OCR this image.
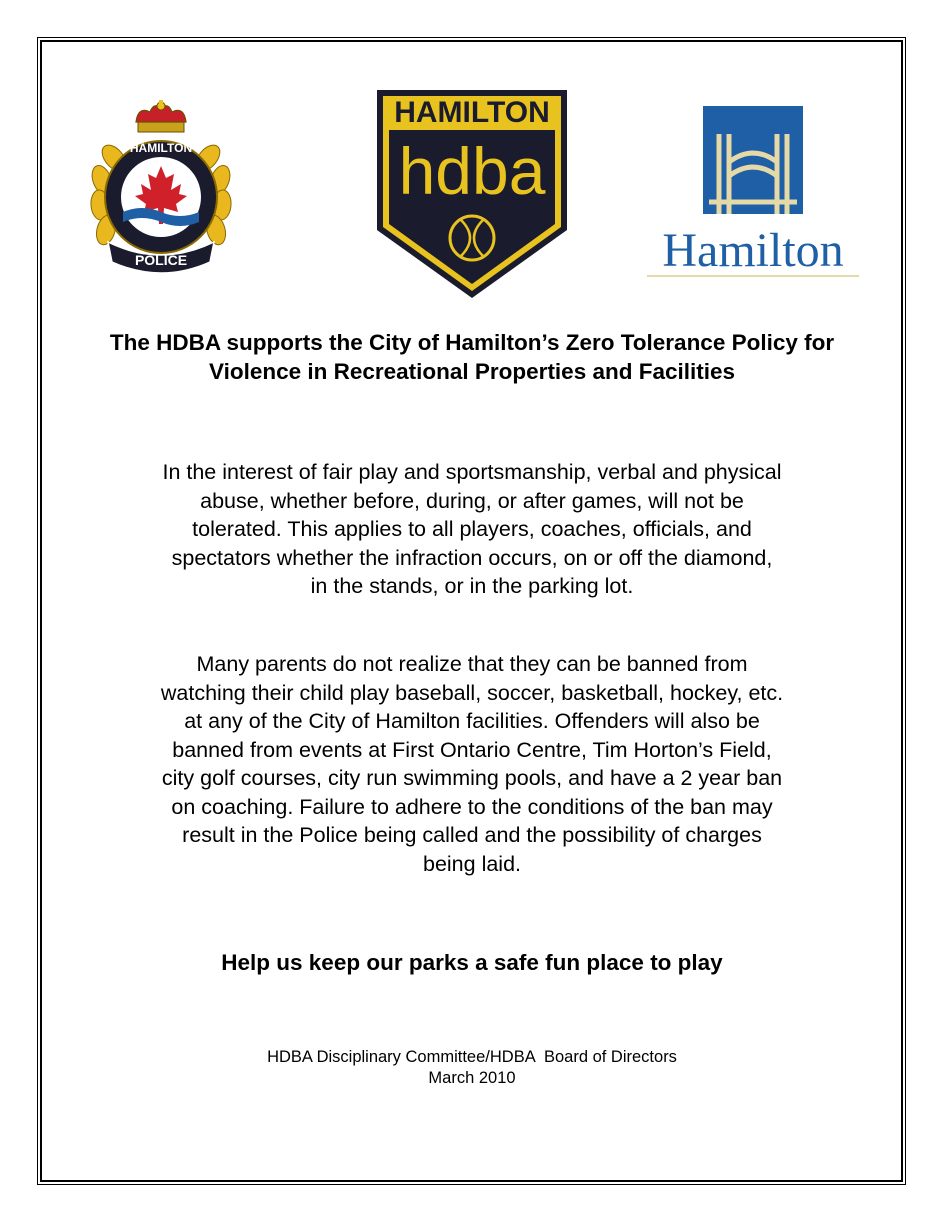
HAMILTON
POLICE
HAMILTON
hdba
Hamilton
The HDBA supports the City of Hamilton’s Zero Tolerance Policy for
Violence in Recreational Properties and Facilities
In the interest of fair play and sportsmanship, verbal and physical
abuse, whether before, during, or after games, will not be
tolerated. This applies to all players, coaches, officials, and
spectators whether the infraction occurs, on or off the diamond,
in the stands, or in the parking lot.
Many parents do not realize that they can be banned from
watching their child play baseball, soccer, basketball, hockey, etc.
at any of the City of Hamilton facilities. Offenders will also be
banned from events at First Ontario Centre, Tim Horton’s Field,
city golf courses, city run swimming pools, and have a 2 year ban
on coaching. Failure to adhere to the conditions of the ban may
result in the Police being called and the possibility of charges
being laid.
Help us keep our parks a safe fun place to play
HDBA Disciplinary Committee/HDBA  Board of Directors
March 2010
